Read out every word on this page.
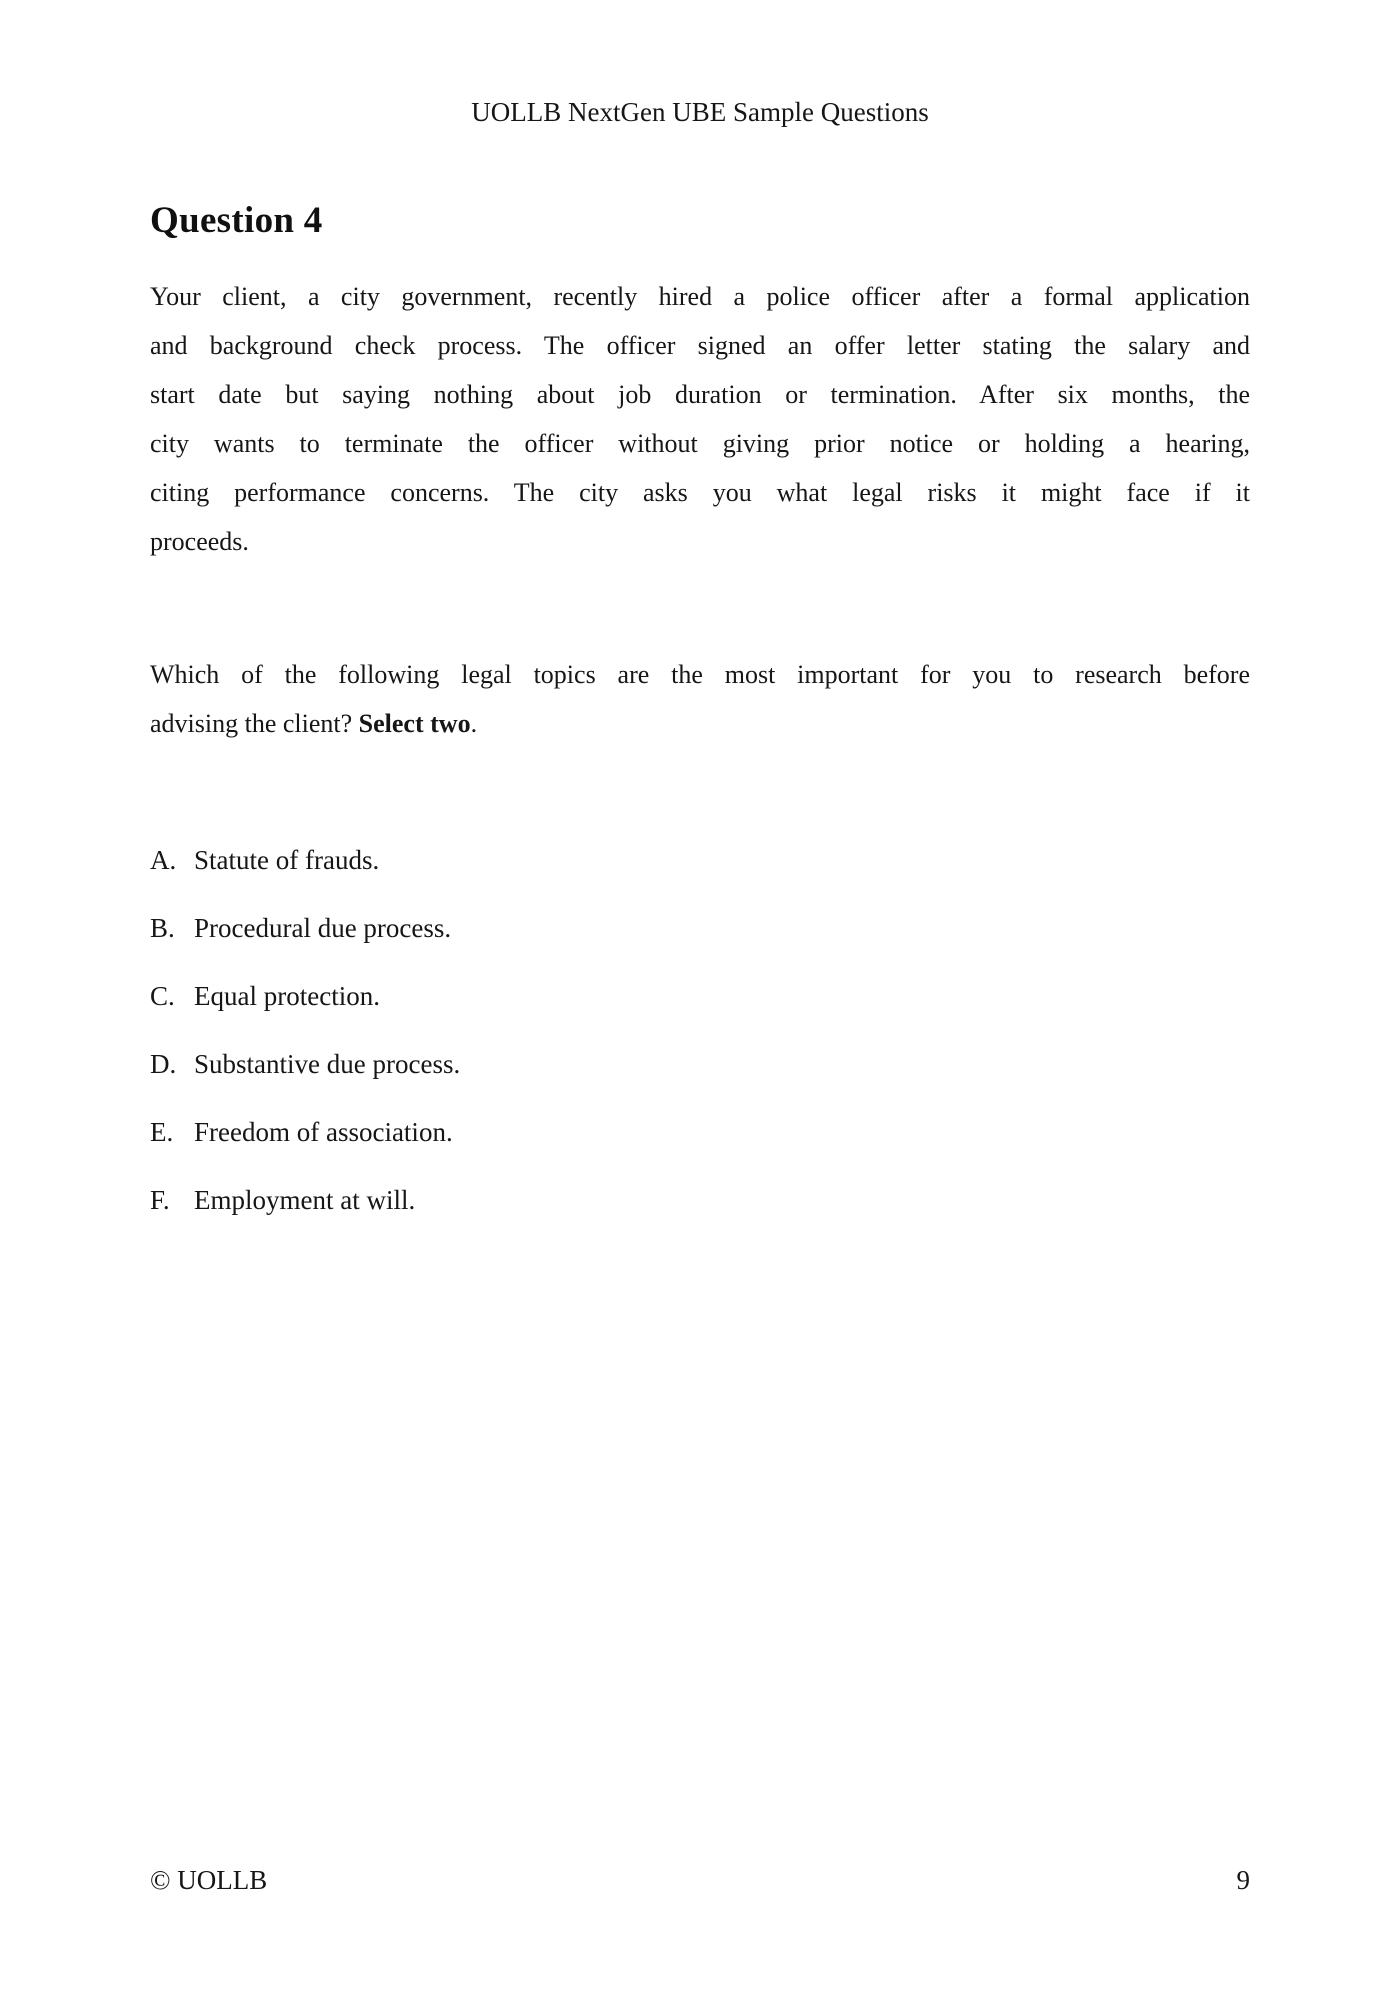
UOLLB NextGen UBE Sample Questions
Question 4
Your client, a city government, recently hired a police officer after a formal application
and background check process. The officer signed an offer letter stating the salary and
start date but saying nothing about job duration or termination. After six months, the
city wants to terminate the officer without giving prior notice or holding a hearing,
citing performance concerns. The city asks you what legal risks it might face if it
proceeds.
Which of the following legal topics are the most important for you to research before
advising the client? Select two.
A. Statute of frauds.
B. Procedural due process.
C. Equal protection.
D. Substantive due process.
E. Freedom of association.
F. Employment at will.
© UOLLB	9
